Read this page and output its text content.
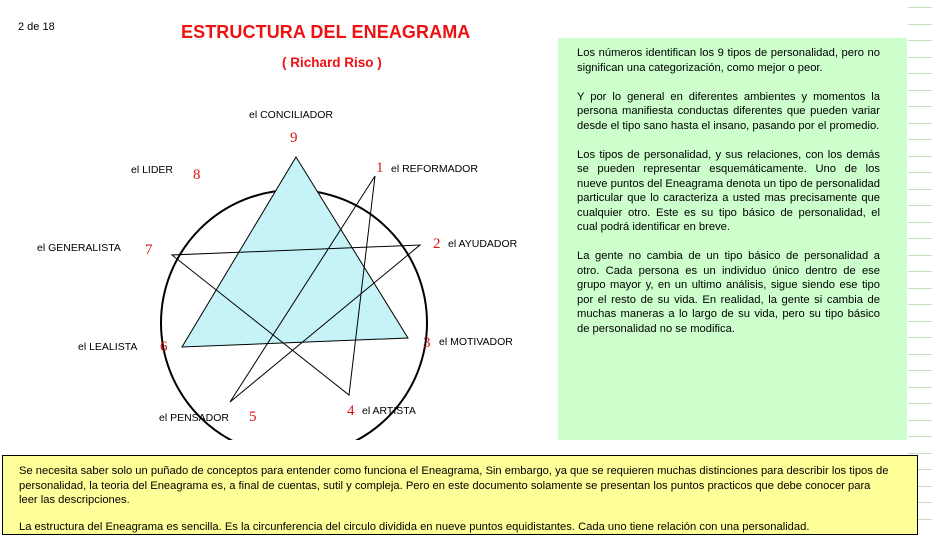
2 de 18	ESTRUCTURA DEL ENEAGRAMA
( Richard Riso )
9
el CONCILIADOR
1 el REFORMADOR
2 el AYUDADOR
3 el MOTIVADOR
4 el ARTISTA
5
el PENSADOR
6
el LEALISTA
7
el GENERALISTA
8
el LIDER

Los números identifican los 9 tipos de personalidad, pero no significan una categorización, como mejor o peor.

Y por lo general en diferentes ambientes y momentos la persona manifiesta conductas diferentes que pueden variar desde el tipo sano hasta el insano, pasando por el promedio.

Los tipos de personalidad, y sus relaciones, con los demás se pueden representar esquemáticamente. Uno de los nueve puntos del Eneagrama denota un tipo de personalidad particular que lo caracteriza a usted mas precisamente que cualquier otro. Este es su tipo básico de personalidad, el cual podrá identificar en breve.

La gente no cambia de un tipo básico de personalidad a otro. Cada persona es un individuo único dentro de ese grupo mayor y, en un ultimo análisis, sigue siendo ese tipo por el resto de su vida. En realidad, la gente si cambia de muchas maneras a lo largo de su vida, pero su tipo básico de personalidad no se modifica.

Se necesita saber solo un puñado de conceptos para entender como funciona el Eneagrama, Sin embargo, ya que se requieren muchas distinciones para describir los tipos de personalidad, la teoria del Eneagrama es, a final de cuentas, sutil y compleja. Pero en este documento solamente se presentan los puntos practicos que debe conocer para leer las descripciones.

La estructura del Eneagrama es sencilla. Es la circunferencia del circulo dividida en nueve puntos equidistantes. Cada uno tiene relación con una personalidad.
